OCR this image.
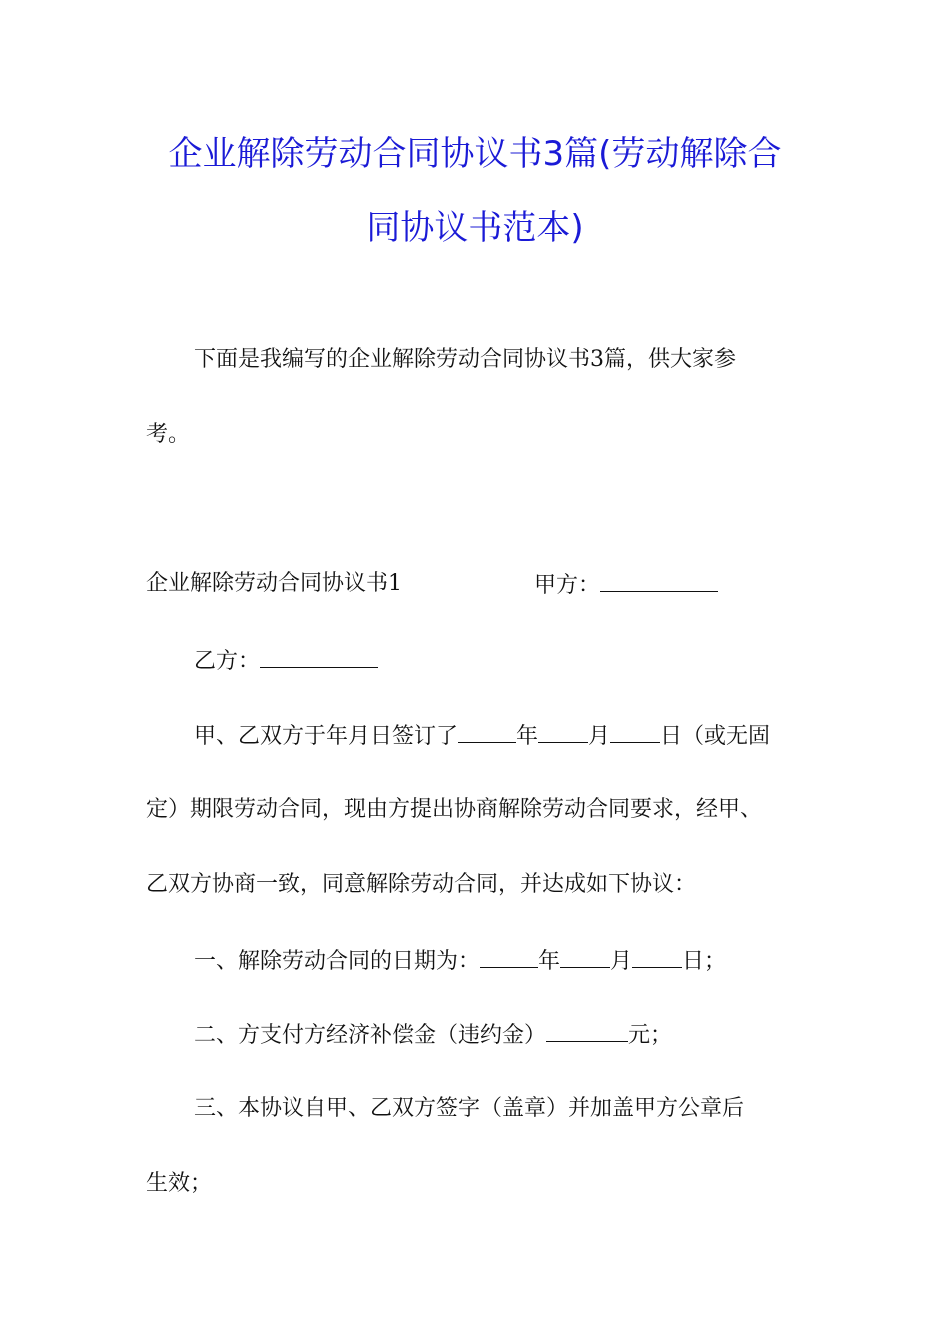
企业解除劳动合同协议书3篇(劳动解除合
同协议书范本)
下面是我编写的企业解除劳动合同协议书3篇，供大家参
考。
企业解除劳动合同协议书1	甲方：
乙方：
甲、乙双方于年月日签订了	年 月 日（或无固
定）期限劳动合同，现由方提出协商解除劳动合同要求，经甲、
乙双方协商一致，同意解除劳动合同，并达成如下协议：
一、解除劳动合同的日期为：	年 月 日；
二、方支付方经济补偿金（违约金）	元；
三、本协议自甲、乙双方签字（盖章）并加盖甲方公章后
生效；
